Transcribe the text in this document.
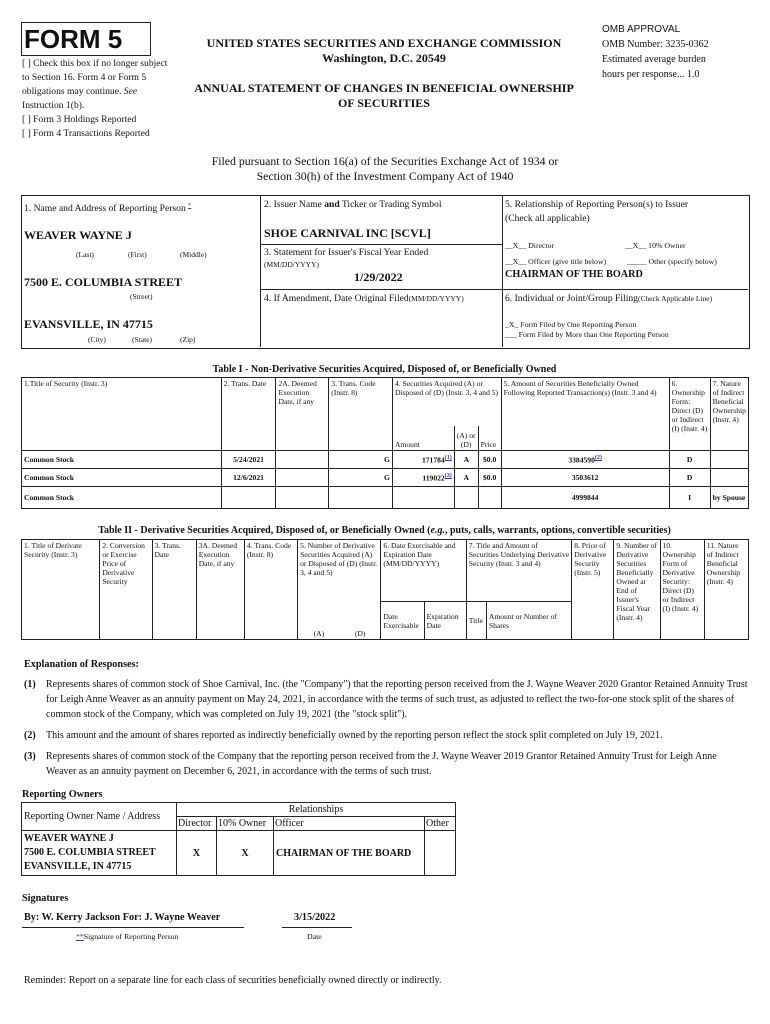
FORM 5
[ ] Check this box if no longer subject to Section 16. Form 4 or Form 5 obligations may continue. See Instruction 1(b).
[ ] Form 3 Holdings Reported
[ ] Form 4 Transactions Reported
UNITED STATES SECURITIES AND EXCHANGE COMMISSION
Washington, D.C. 20549
ANNUAL STATEMENT OF CHANGES IN BENEFICIAL OWNERSHIP
OF SECURITIES
OMB APPROVAL
OMB Number: 3235-0362
Estimated average burden
hours per response... 1.0
Filed pursuant to Section 16(a) of the Securities Exchange Act of 1934 or
Section 30(h) of the Investment Company Act of 1940
1. Name and Address of Reporting Person *
WEAVER WAYNE J
(Last)	(First)	(Middle)
7500 E. COLUMBIA STREET
(Street)
EVANSVILLE, IN 47715
(City)	(State)	(Zip)
2. Issuer Name and Ticker or Trading Symbol
SHOE CARNIVAL INC [SCVL]
3. Statement for Issuer's Fiscal Year Ended
(MM/DD/YYYY)
1/29/2022
4. If Amendment, Date Original Filed(MM/DD/YYYY)
5. Relationship of Reporting Person(s) to Issuer
(Check all applicable)
__X__ Director	__X__ 10% Owner
__X__ Officer (give title below)	_____ Other (specify below)
CHAIRMAN OF THE BOARD
6. Individual or Joint/Group Filing(Check Applicable Line)
_X_ Form Filed by One Reporting Person
___ Form Filed by More than One Reporting Person
Table I - Non-Derivative Securities Acquired, Disposed of, or Beneficially Owned
1.Title of Security (Instr. 3)	2. Trans. Date	2A. Deemed Execution Date, if any	3. Trans. Code (Instr. 8)	4. Securities Acquired (A) or Disposed of (D) (Instr. 3, 4 and 5)			5. Amount of Securities Beneficially Owned Following Reported Transaction(s) (Instr. 3 and 4)	6. Ownership Form: Direct (D) or Indirect (I) (Instr. 4)	7. Nature of Indirect Beneficial Ownership (Instr. 4)
				Amount	(A) or (D)	Price			
Common Stock	5/24/2021		G	171784$^{(1)}$	A	$0.0	3384590$^{(2)}$	D	
Common Stock	12/6/2021		G	119022$^{(3)}$	A	$0.0	3503612	D	
Common Stock							4999844	I	by Spouse
Table II - Derivative Securities Acquired, Disposed of, or Beneficially Owned (e.g., puts, calls, warrants, options, convertible securities)
1. Title of Derivate Security (Instr. 3)	2. Conversion or Exercise Price of Derivative Security	3. Trans. Date	3A. Deemed Execution Date, if any	4. Trans. Code (Instr. 8)	5. Number of Derivative Securities Acquired (A) or Disposed of (D) (Instr. 3, 4 and 5)		6. Date Exercisable and Expiration Date (MM/DD/YYYY)		7. Title and Amount of Securities Underlying Derivative Security (Instr. 3 and 4)		8. Price of Derivative Security (Instr. 5)	9. Number of Derivative Securities Beneficially Owned at End of Issuer's Fiscal Year (Instr. 4)	10. Ownership Form of Derivative Security: Direct (D) or Indirect (I) (Instr. 4)	11. Nature of Indirect Beneficial Ownership (Instr. 4)
					(A)	(D)	Date Exercisable	Expiration Date	Title	Amount or Number of Shares				
Explanation of Responses:
(1)	Represents shares of common stock of Shoe Carnival, Inc. (the "Company") that the reporting person received from the J. Wayne Weaver 2020 Grantor Retained Annuity Trust for Leigh Anne Weaver as an annuity payment on May 24, 2021, in accordance with the terms of such trust, as adjusted to reflect the two-for-one stock split of the shares of common stock of the Company, which was completed on July 19, 2021 (the "stock split").
(2)	This amount and the amount of shares reported as indirectly beneficially owned by the reporting person reflect the stock split completed on July 19, 2021.
(3)	Represents shares of common stock of the Company that the reporting person received from the J. Wayne Weaver 2019 Grantor Retained Annuity Trust for Leigh Anne Weaver as an annuity payment on December 6, 2021, in accordance with the terms of such trust.
Reporting Owners
Reporting Owner Name / Address	Relationships			
	Director	10% Owner	Officer	Other

WEAVER WAYNE J
7500 E. COLUMBIA STREET
EVANSVILLE, IN 47715	X	X	CHAIRMAN OF THE BOARD	
Signatures
By: W. Kerry Jackson For: J. Wayne Weaver	3/15/2022
**Signature of Reporting Person	Date
Reminder: Report on a separate line for each class of securities beneficially owned directly or indirectly.
